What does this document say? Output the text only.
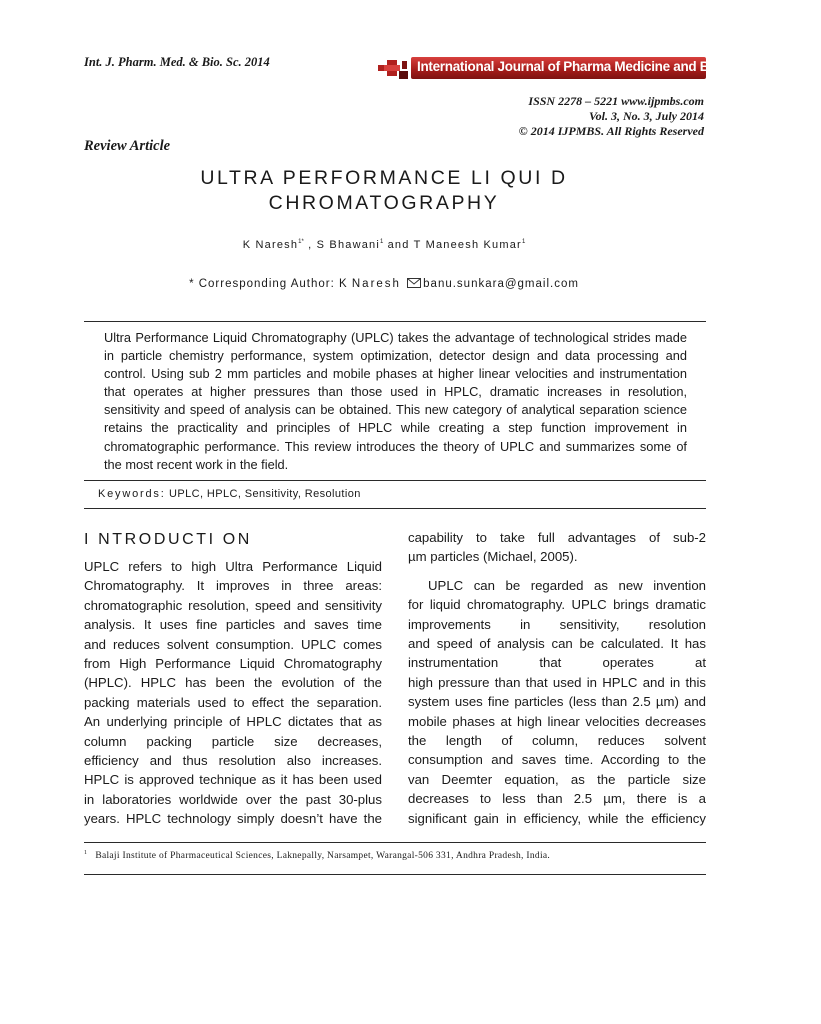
Int. J. Pharm. Med. & Bio. Sc. 2014	International Journal of Pharma Medicine and Biological Sciences
ISSN 2278 – 5221 www.ijpmbs.com
Vol. 3, No. 3, July 2014
© 2014 IJPMBS. All Rights Reserved
Review Article
ULTRA PERFORMANCE LI QUI D
CHROMATOGRAPHY
K Naresh$^{1*}$ , S Bhawani$^1$ and T Maneesh Kumar$^1$
* Corresponding Author: K Naresh banu.sunkara@gmail.com
Ultra Performance Liquid Chromatography (UPLC) takes the advantage of technological strides made in particle chemistry performance, system optimization, detector design and data processing and control. Using sub 2 mm particles and mobile phases at higher linear velocities and instrumentation that operates at higher pressures than those used in HPLC, dramatic increases in resolution, sensitivity and speed of analysis can be obtained. This new category of analytical separation science retains the practicality and principles of HPLC while creating a step function improvement in chromatographic performance. This review introduces the theory of UPLC and summarizes some of the most recent work in the field.
Keywords: UPLC, HPLC, Sensitivity, Resolution
I NTRODUCTI ON
UPLC refers to high Ultra Performance Liquid
Chromatography. It improves in three areas:
chromatographic resolution, speed and sensitivity
analysis. It uses fine particles and saves time
and reduces solvent consumption. UPLC comes
from High Performance Liquid Chromatography
(HPLC). HPLC has been the evolution of the
packing materials used to effect the separation.
An underlying principle of HPLC dictates that as
column packing particle size decreases,
efficiency and thus resolution also increases.
HPLC is approved technique as it has been used
in laboratories worldwide over the past 30-plus
years. HPLC technology simply doesn’t have the
capability to take full advantages of sub-2
µm particles (Michael, 2005).
UPLC can be regarded as new invention
for liquid chromatography. UPLC brings dramatic
improvements in sensitivity, resolution
and speed of analysis can be calculated. It has
instrumentation that operates at
high pressure than that used in HPLC and in this
system uses fine particles (less than 2.5 µm) and
mobile phases at high linear velocities decreases
the length of column, reduces solvent
consumption and saves time. According to the
van Deemter equation, as the particle size
decreases to less than 2.5 µm, there is a
significant gain in efficiency, while the efficiency
$^1$ Balaji Institute of Pharmaceutical Sciences, Laknepally, Narsampet, Warangal-506 331, Andhra Pradesh, India.
